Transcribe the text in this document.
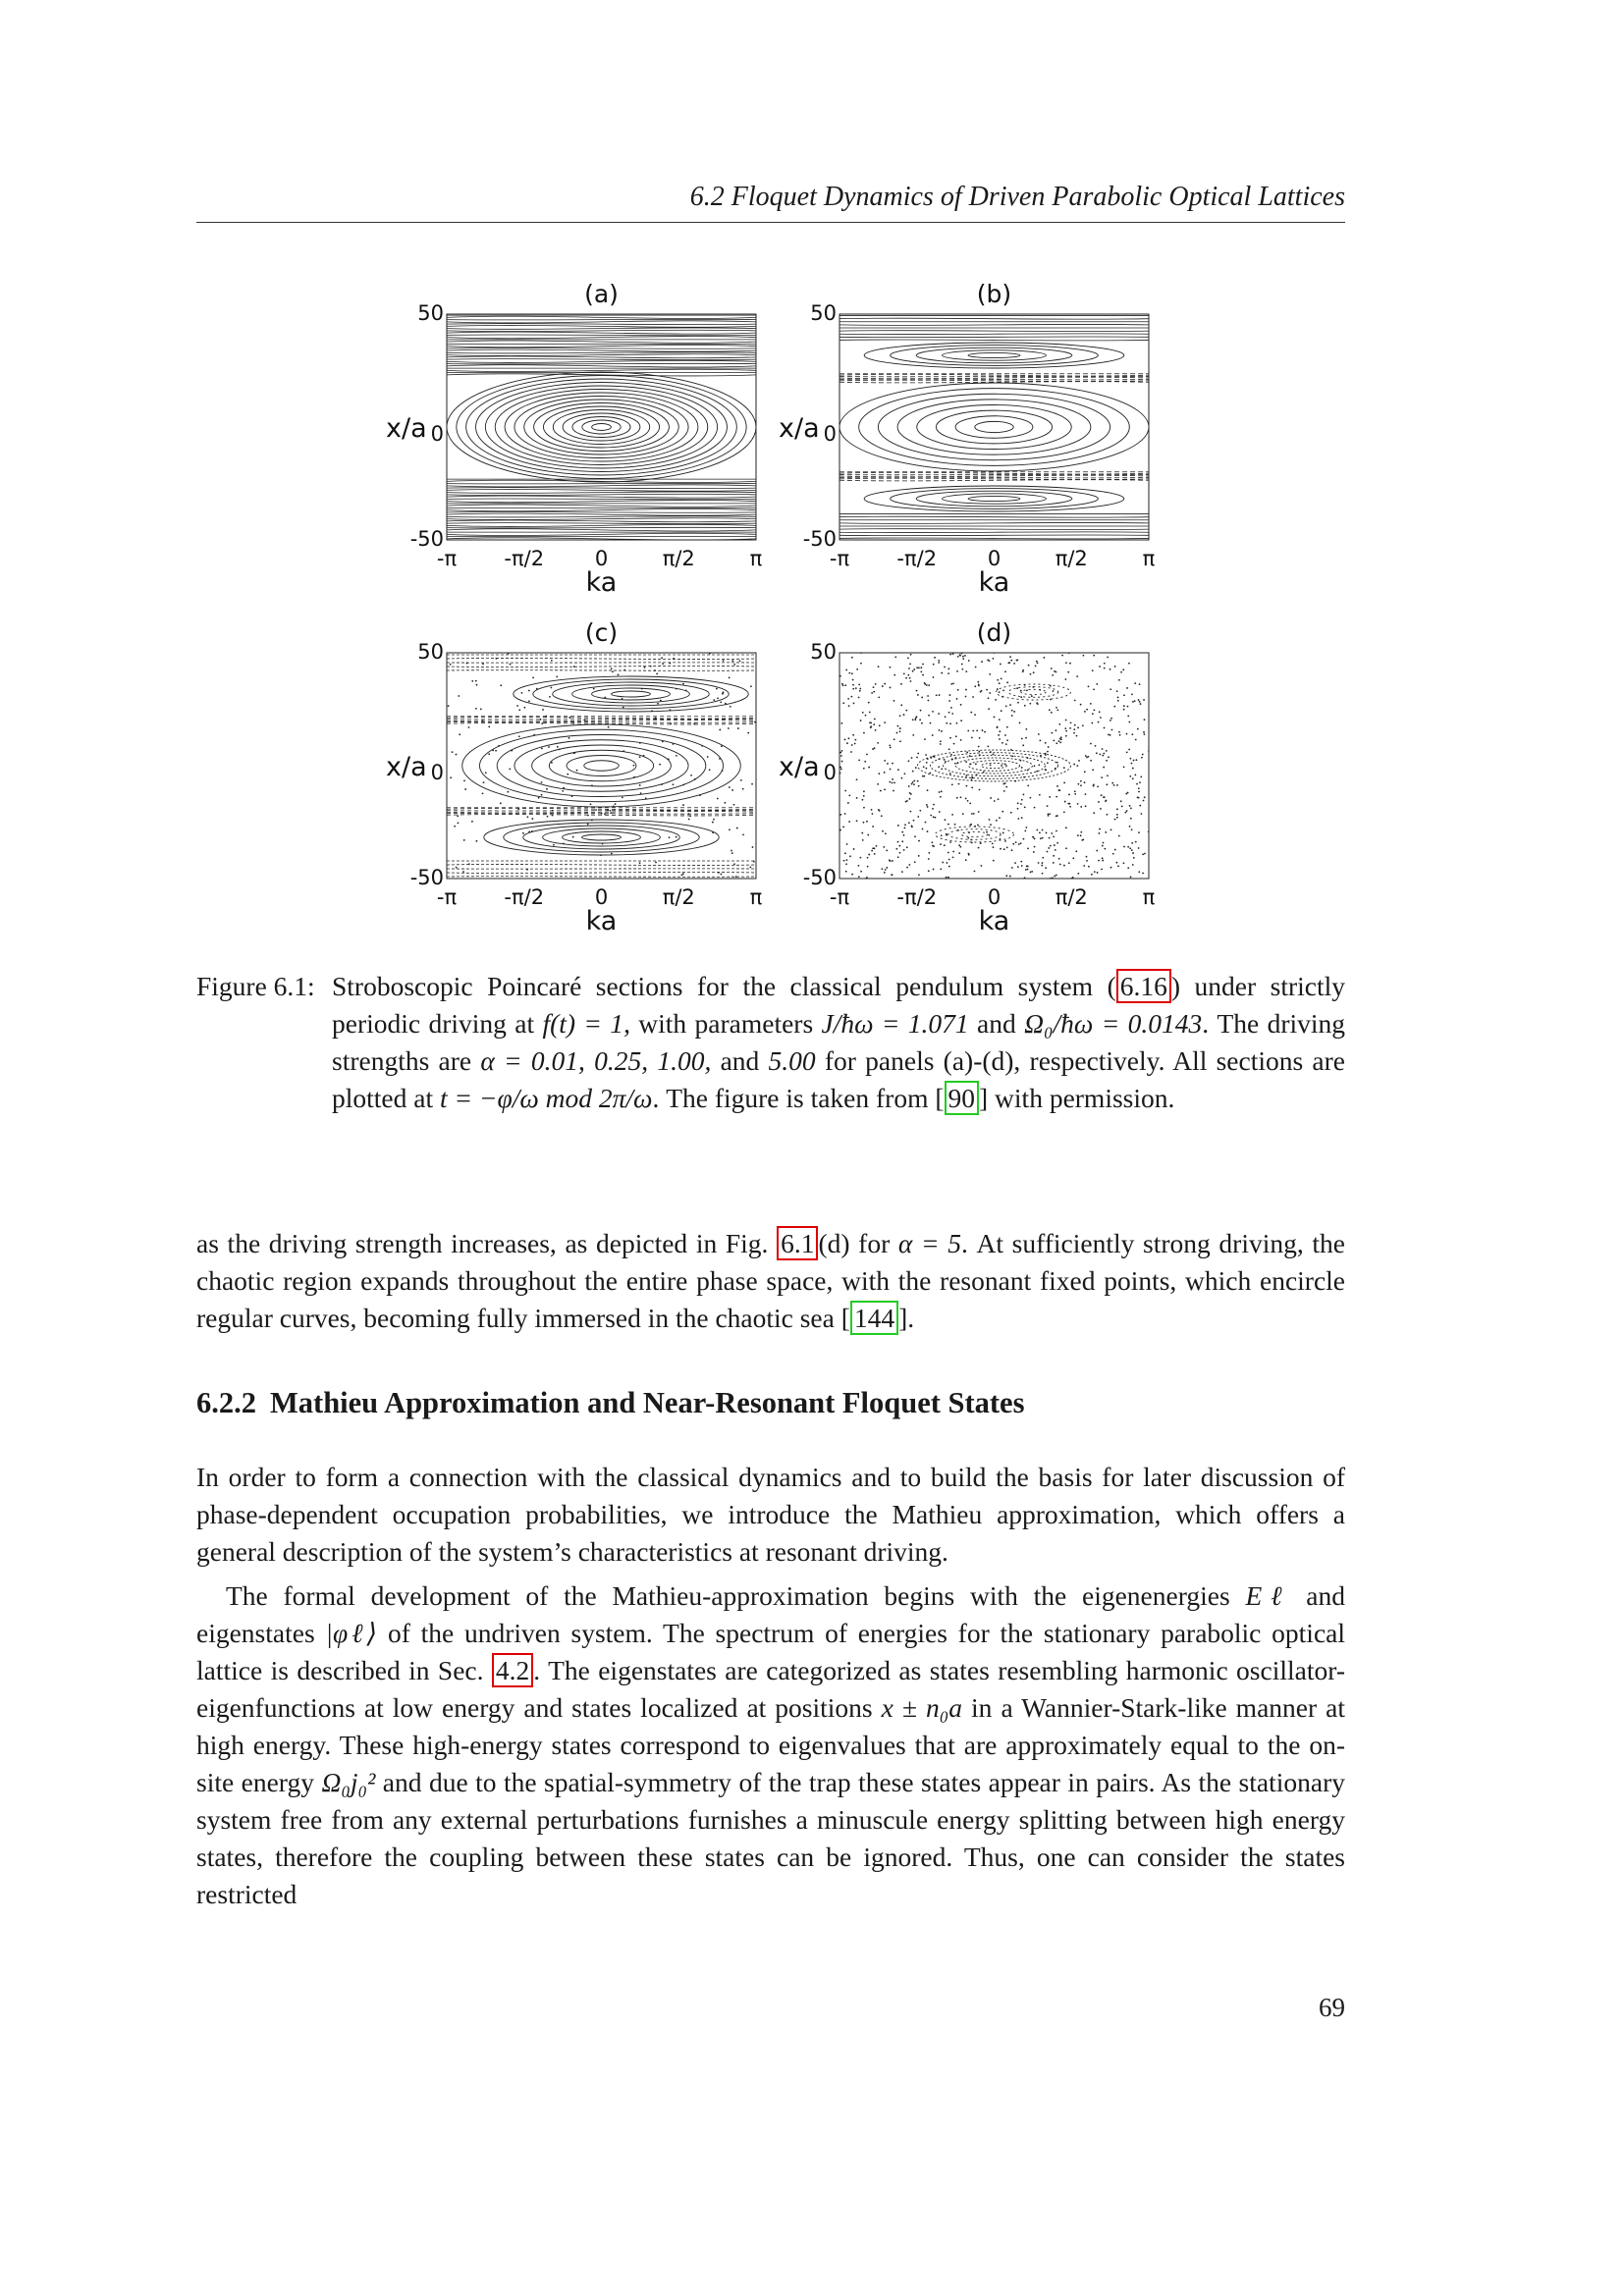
6.2 Floquet Dynamics of Driven Parabolic Optical Lattices
(a)
x/a
50
0
-50
-π -π/2 0	π/2	π
ka
(b)
x/a
50
0
-50
-π -π/2 0	π/2	π
ka
(c)
x/a
50
0
-50
-π -π/2 0	π/2	π
ka
(d)
x/a
50
0
-50
-π -π/2 0	π/2	π
ka
Figure 6.1: Stroboscopic Poincaré sections for the classical pendulum system ( 6.16 ) under strictly periodic driving at f(t) = 1, with parameters J/ħω = 1.071 and Ω₀/ħω = 0.0143. The driving strengths are α = 0.01, 0.25, 1.00, and 5.00 for panels (a)-(d), respectively. All sections are plotted at t = −φ/ω mod 2π/ω. The figure is taken from [ 90 ] with permission.
as the driving strength increases, as depicted in Fig. 6.1 (d) for α = 5. At sufficiently strong driving, the chaotic region expands throughout the entire phase space, with the resonant fixed points, which encircle regular curves, becoming fully immersed in the chaotic sea [ 144 ].
6.2.2 Mathieu Approximation and Near-Resonant Floquet States
In order to form a connection with the classical dynamics and to build the basis for later discussion of phase-dependent occupation probabilities, we introduce the Mathieu approximation, which offers a general description of the system’s characteristics at resonant driving.
The formal development of the Mathieu-approximation begins with the eigenenergies Eℓ and eigenstates |φℓ⟩ of the undriven system. The spectrum of energies for the stationary parabolic optical lattice is described in Sec. 4.2 . The eigenstates are categorized as states resembling harmonic oscillator-eigenfunctions at low energy and states localized at positions x ± n₀a in a Wannier-Stark-like manner at high energy. These high-energy states correspond to eigenvalues that are approximately equal to the on-site energy Ω₀j₀² and due to the spatial-symmetry of the trap these states appear in pairs. As the stationary system free from any external perturbations furnishes a minuscule energy splitting between high energy states, therefore the coupling between these states can be ignored. Thus, one can consider the states restricted
69
